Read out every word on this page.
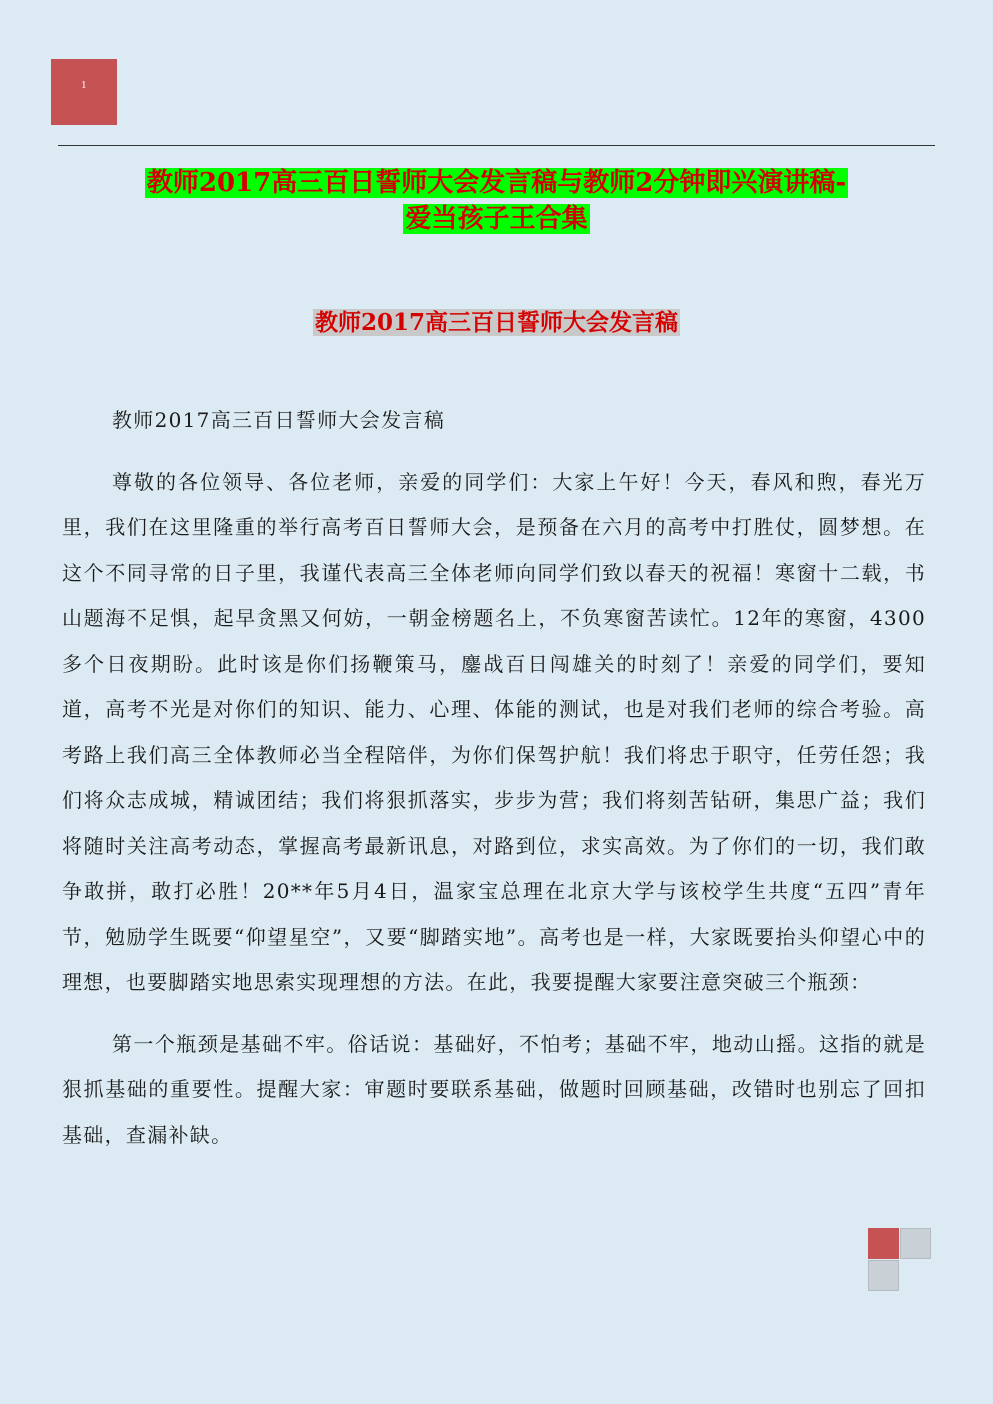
1
教师2017高三百日誓师大会发言稿与教师2分钟即兴演讲稿-
爱当孩子王合集
教师2017高三百日誓师大会发言稿

教师2017高三百日誓师大会发言稿

尊敬的各位领导、各位老师，亲爱的同学们：大家上午好！今天，春风和煦，春光万里，我们在这里隆重的举行高考百日誓师大会，是预备在六月的高考中打胜仗，圆梦想。在这个不同寻常的日子里，我谨代表高三全体老师向同学们致以春天的祝福！寒窗十二载，书山题海不足惧，起早贪黑又何妨，一朝金榜题名上，不负寒窗苦读忙。12年的寒窗，4300多个日夜期盼。此时该是你们扬鞭策马，鏖战百日闯雄关的时刻了！亲爱的同学们，要知道，高考不光是对你们的知识、能力、心理、体能的测试，也是对我们老师的综合考验。高考路上我们高三全体教师必当全程陪伴，为你们保驾护航！我们将忠于职守，任劳任怨；我们将众志成城，精诚团结；我们将狠抓落实，步步为营；我们将刻苦钻研，集思广益；我们将随时关注高考动态，掌握高考最新讯息，对路到位，求实高效。为了你们的一切，我们敢争敢拼，敢打必胜！20**年5月4日，温家宝总理在北京大学与该校学生共度“五四”青年节，勉励学生既要“仰望星空”，又要“脚踏实地”。高考也是一样，大家既要抬头仰望心中的理想，也要脚踏实地思索实现理想的方法。在此，我要提醒大家要注意突破三个瓶颈：

第一个瓶颈是基础不牢。俗话说：基础好，不怕考；基础不牢，地动山摇。这指的就是狠抓基础的重要性。提醒大家：审题时要联系基础，做题时回顾基础，改错时也别忘了回扣基础，查漏补缺。
